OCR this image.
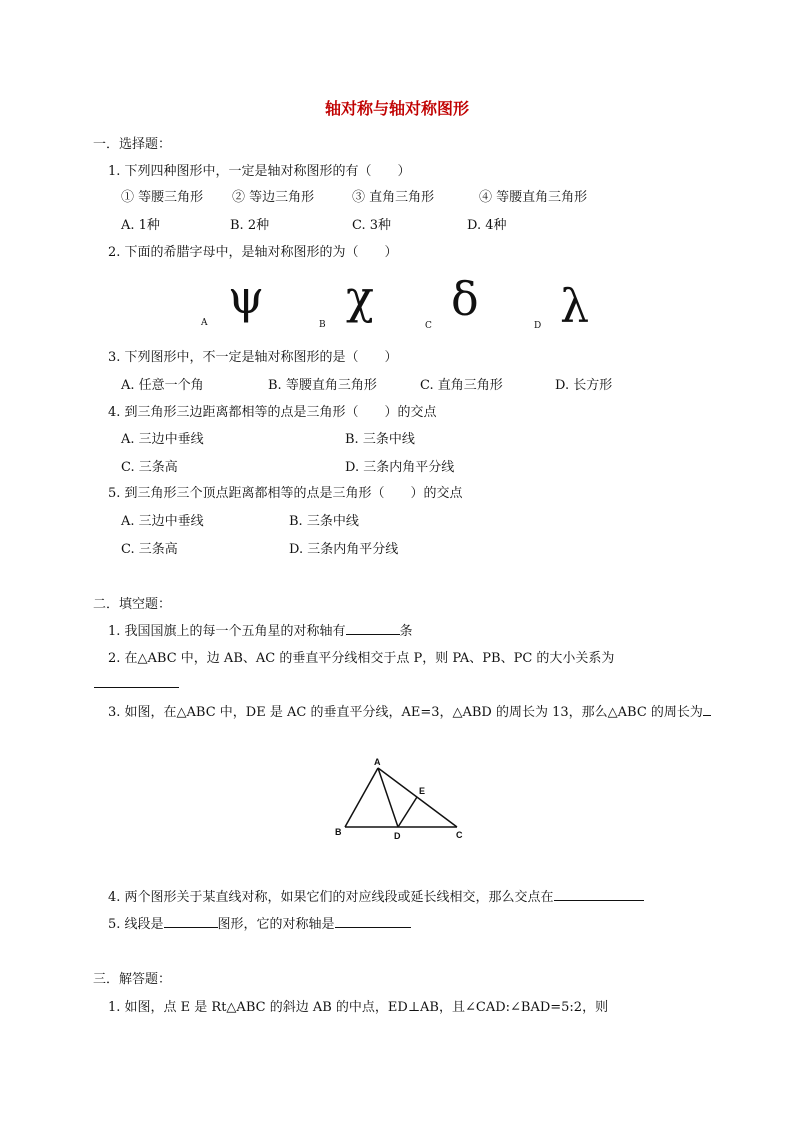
轴对称与轴对称图形
一．选择题：
1. 下列四种图形中，一定是轴对称图形的有（　　）
① 等腰三角形 ② 等边三角形	③ 直角三角形	④ 等腰直角三角形
A. 1种	B. 2种	C. 3种	D. 4种
2. 下面的希腊字母中，是轴对称图形的为（　　）
A ψ
B
χ
C δ	D λ
3. 下列图形中，不一定是轴对称图形的是（　　）
A. 任意一个角	B. 等腰直角三角形	C. 直角三角形	D. 长方形
4. 到三角形三边距离都相等的点是三角形（　　）的交点
A. 三边中垂线	B. 三条中线
C. 三条高	D. 三条内角平分线
5. 到三角形三个顶点距离都相等的点是三角形（　　）的交点
A. 三边中垂线	B. 三条中线
C. 三条高	D. 三条内角平分线
二．填空题：
1. 我国国旗上的每一个五角星的对称轴有	条
2. 在△ABC 中，边 AB、AC 的垂直平分线相交于点 P，则 PA、PB、PC 的大小关系为
3. 如图，在△ABC 中，DE 是 AC 的垂直平分线，AE=3，△ABD 的周长为 13，那么△ABC 的周长为
A
B	C
D
E
4. 两个图形关于某直线对称，如果它们的对应线段或延长线相交，那么交点在
5. 线段是	图形，它的对称轴是
三．解答题：
1. 如图，点 E 是 Rt△ABC 的斜边 AB 的中点，ED⊥AB，且∠CAD:∠BAD=5:2，则
